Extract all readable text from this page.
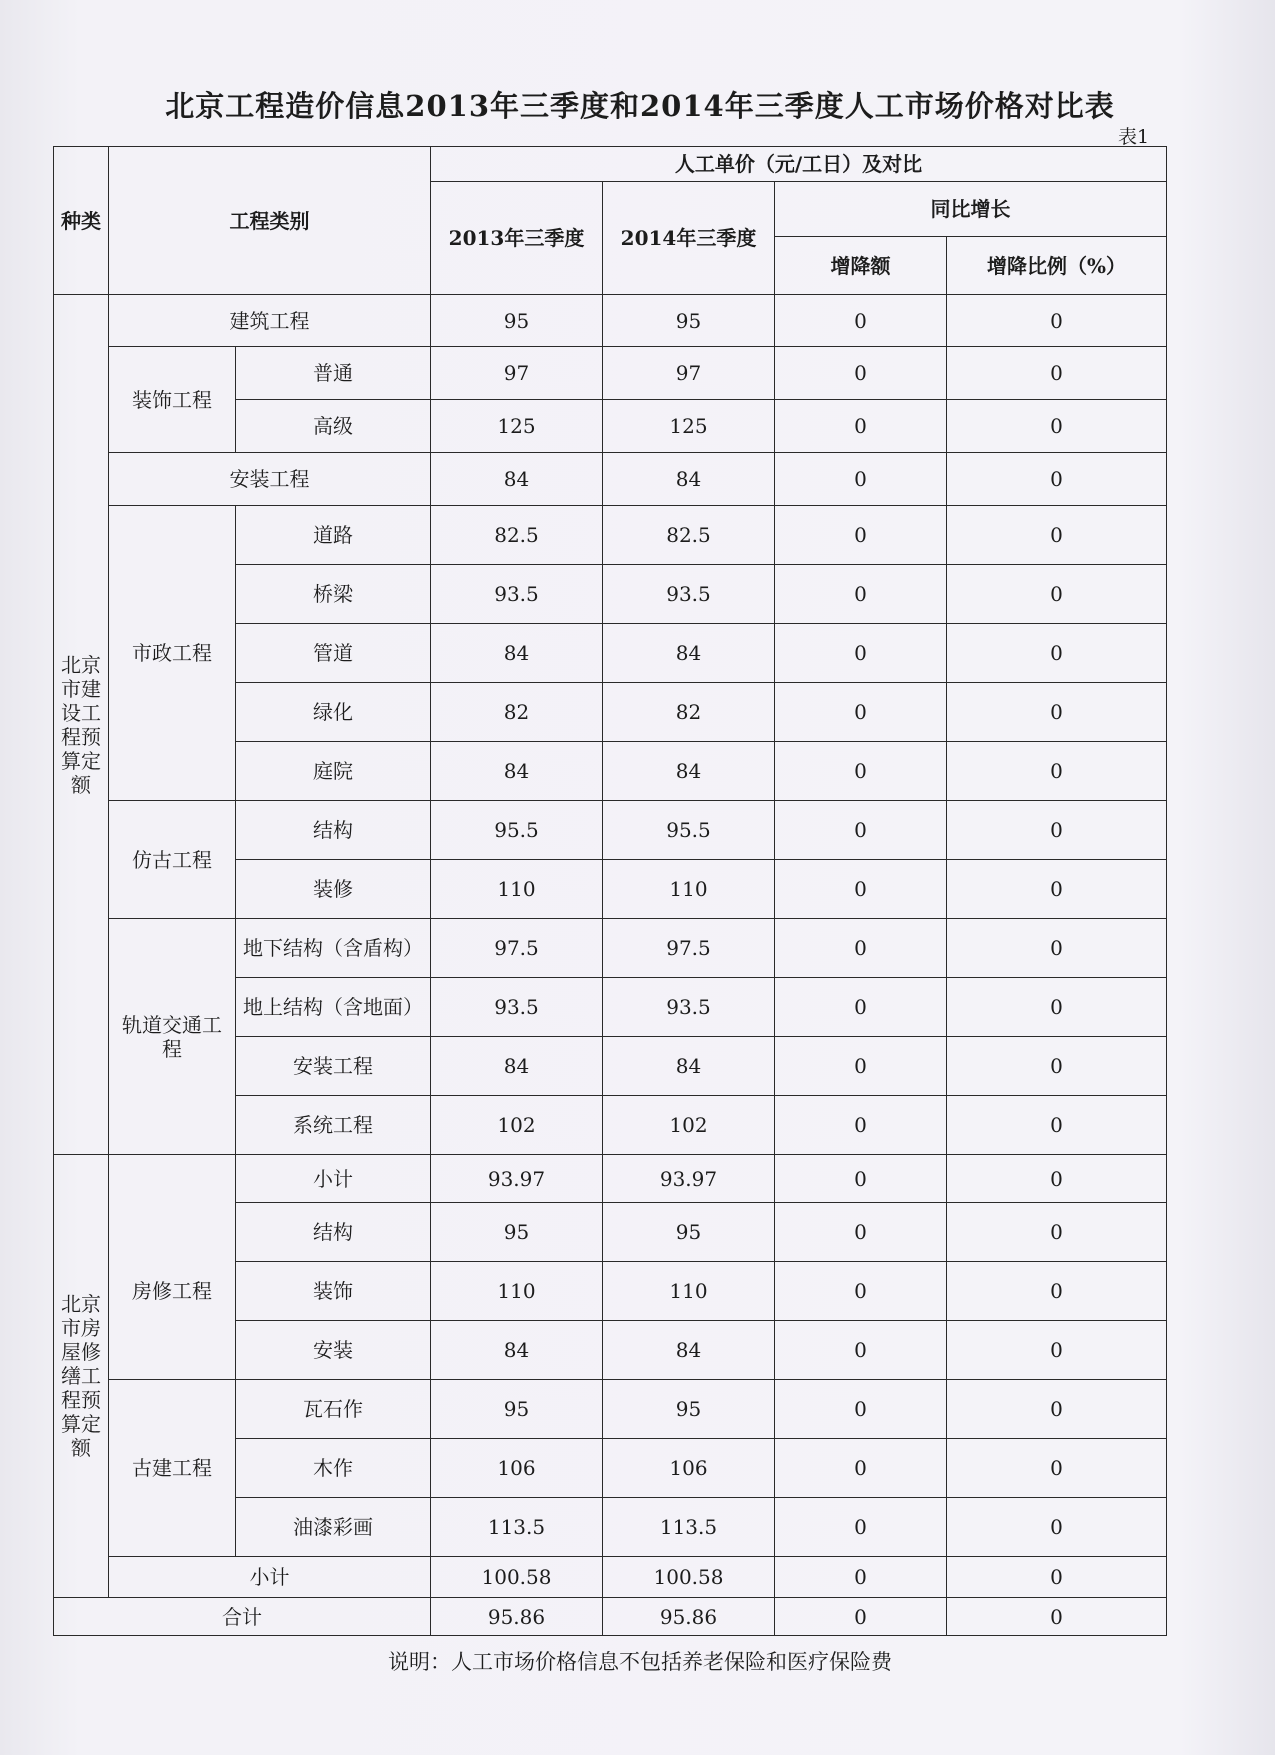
北京工程造价信息2013年三季度和2014年三季度人工市场价格对比表
表1
种类	工程类别		人工单价（元/工日）及对比			
			2013年三季度	2014年三季度	同比增长	
					增降额	增降比例（%）
北京市建设工程预算定额	建筑工程		95	95	0	0
	装饰工程	普通	97	97	0	0
		高级	125	125	0	0
	安装工程		84	84	0	0
	市政工程	道路	82.5	82.5	0	0
		桥梁	93.5	93.5	0	0
		管道	84	84	0	0
		绿化	82	82	0	0
		庭院	84	84	0	0
	仿古工程	结构	95.5	95.5	0	0
		装修	110	110	0	0
	轨道交通工程	地下结构（含盾构）	97.5	97.5	0	0
		地上结构（含地面）	93.5	93.5	0	0
		安装工程	84	84	0	0
		系统工程	102	102	0	0
北京市房屋修缮工程预算定额		小计	93.97	93.97	0	0
	房修工程	结构	95	95	0	0
		装饰	110	110	0	0
		安装	84	84	0	0
	古建工程	瓦石作	95	95	0	0
		木作	106	106	0	0
		油漆彩画	113.5	113.5	0	0
	小计		100.58	100.58	0	0
合计			95.86	95.86	0	0
说明：人工市场价格信息不包括养老保险和医疗保险费
